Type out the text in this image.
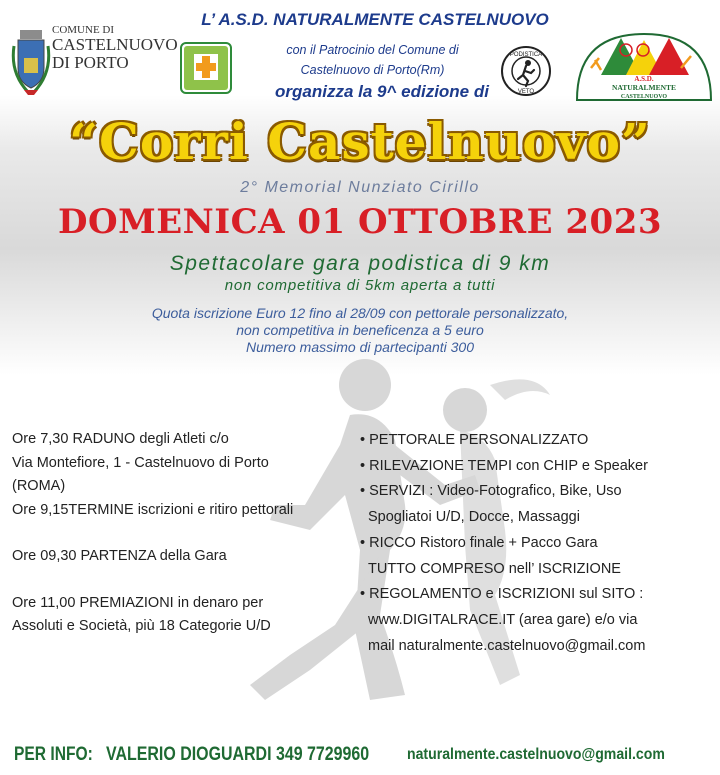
COMUNE DI
CASTELNUOVO
DI PORTO
L’ A.S.D. NATURALMENTE CASTELNUOVO
con il Patrocinio del Comune di
Castelnuovo di Porto(Rm)
organizza la 9^ edizione di
PODISTICA
VETO
A.S.D.
NATURALMENTE
CASTELNUOVO
“Corri Castelnuovo”
2° Memorial Nunziato Cirillo
DOMENICA 01 OTTOBRE 2023
Spettacolare gara podistica di 9 km
non competitiva di 5km aperta a tutti
Quota iscrizione Euro 12 fino al 28/09 con pettorale personalizzato,
non competitiva in beneficenza a 5 euro
Numero massimo di partecipanti 300
Ore 7,30 RADUNO degli Atleti c/o
Via Montefiore, 1 - Castelnuovo di Porto
(ROMA)
Ore 9,15TERMINE iscrizioni e ritiro pettorali
Ore 09,30 PARTENZA della Gara
Ore 11,00 PREMIAZIONI in denaro per
Assoluti e Società, più 18 Categorie U/D
• PETTORALE PERSONALIZZATO
• RILEVAZIONE TEMPI con CHIP e Speaker
• SERVIZI : Video-Fotografico, Bike, Uso
Spogliatoi U/D, Docce, Massaggi
• RICCO Ristoro finale + Pacco Gara
TUTTO COMPRESO nell’ ISCRIZIONE
• REGOLAMENTO e ISCRIZIONI sul SITO :
www.DIGITALRACE.IT (area gare) e/o via
mail naturalmente.castelnuovo@gmail.com
PER INFO: VALERIO DIOGUARDI 349 7729960 naturalmente.castelnuovo@gmail.com
